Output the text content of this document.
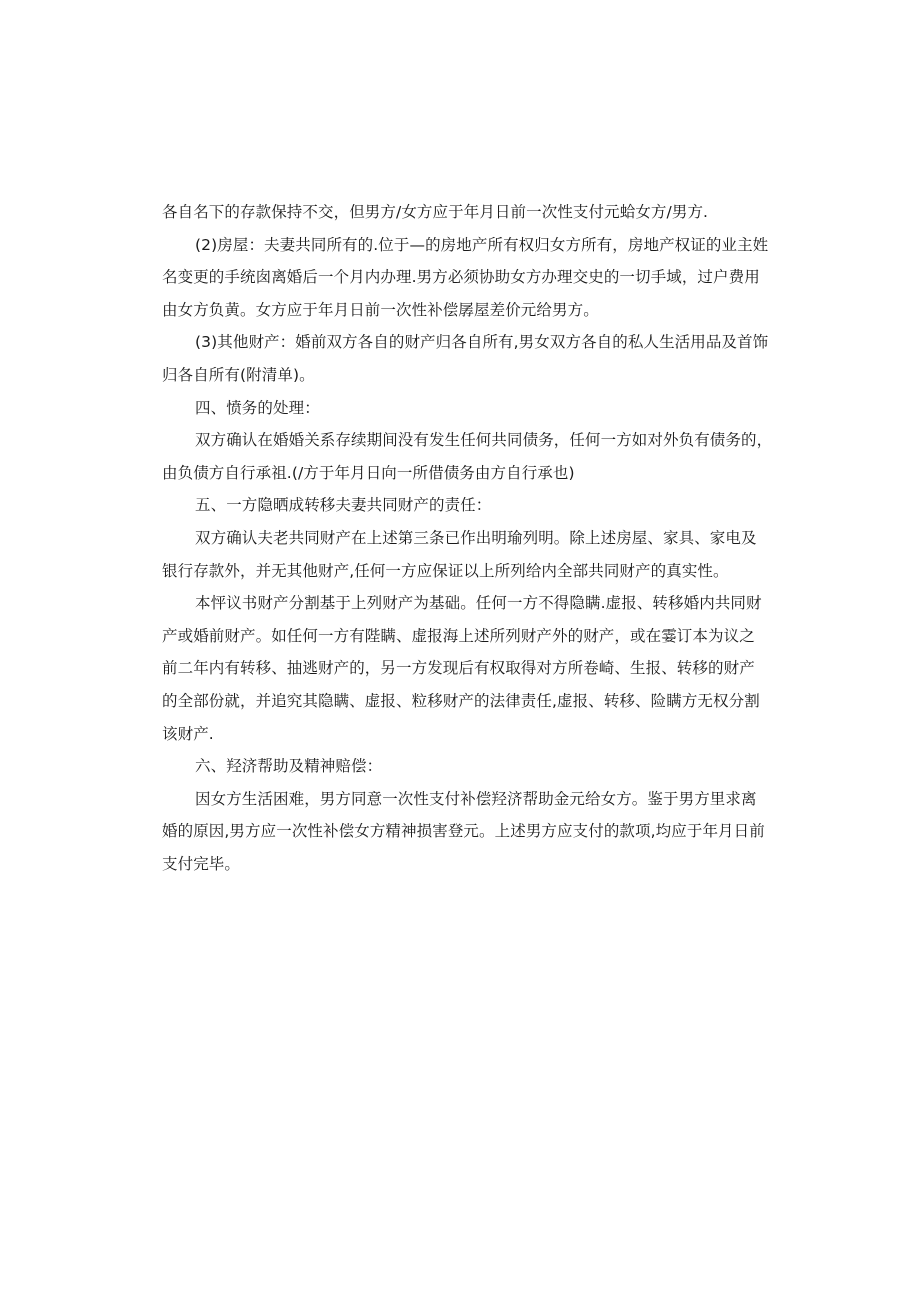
各自名下的存款保持不交，但男方/女方应于年月日前一次性支付元蛤女方/男方.
(2)房屋：夫妻共同所有的.位于—的房地产所有权归女方所有，房地产权证的业主姓
名变更的手统囱离婚后一个月内办理.男方必须协助女方办理交史的一切手域，过户费用
由女方负黄。女方应于年月日前一次性补偿孱屋差价元给男方。
(3)其他财产：婚前双方各自的财产归各自所有,男女双方各自的私人生活用品及首饰
归各自所有(附清单)。
四、愤务的处理：
双方确认在婚婚关系存续期间没有发生任何共同债务，任何一方如对外负有债务的，
由负债方自行承祖.(/方于年月日向一所借债务由方自行承也)
五、一方隐晒成转移夫妻共同财产的责任：
双方确认夫老共同财产在上述第三条已作出明瑜列明。除上述房屋、家具、家电及
银行存款外，并无其他财产,任何一方应保证以上所列给内全部共同财产的真实性。
本怦议书财产分割基于上列财产为基础。任何一方不得隐瞒.虚报、转移婚内共同财
产或婚前财产。如任何一方有陛瞒、虚报海上述所列财产外的财产，或在霎订本为议之
前二年内有转移、抽逃财产的，另一方发现后有权取得对方所卷崎、生报、转移的财产
的全部份就，并追究其隐瞒、虚报、粒移财产的法律责任,虚报、转移、险瞒方无权分割
该财产.
六、羟济帮助及精神赔偿：
因女方生活困难，男方同意一次性支付补偿羟济帮助金元给女方。鉴于男方里求离
婚的原因,男方应一次性补偿女方精神损害登元。上述男方应支付的款项,均应于年月日前
支付完毕。
